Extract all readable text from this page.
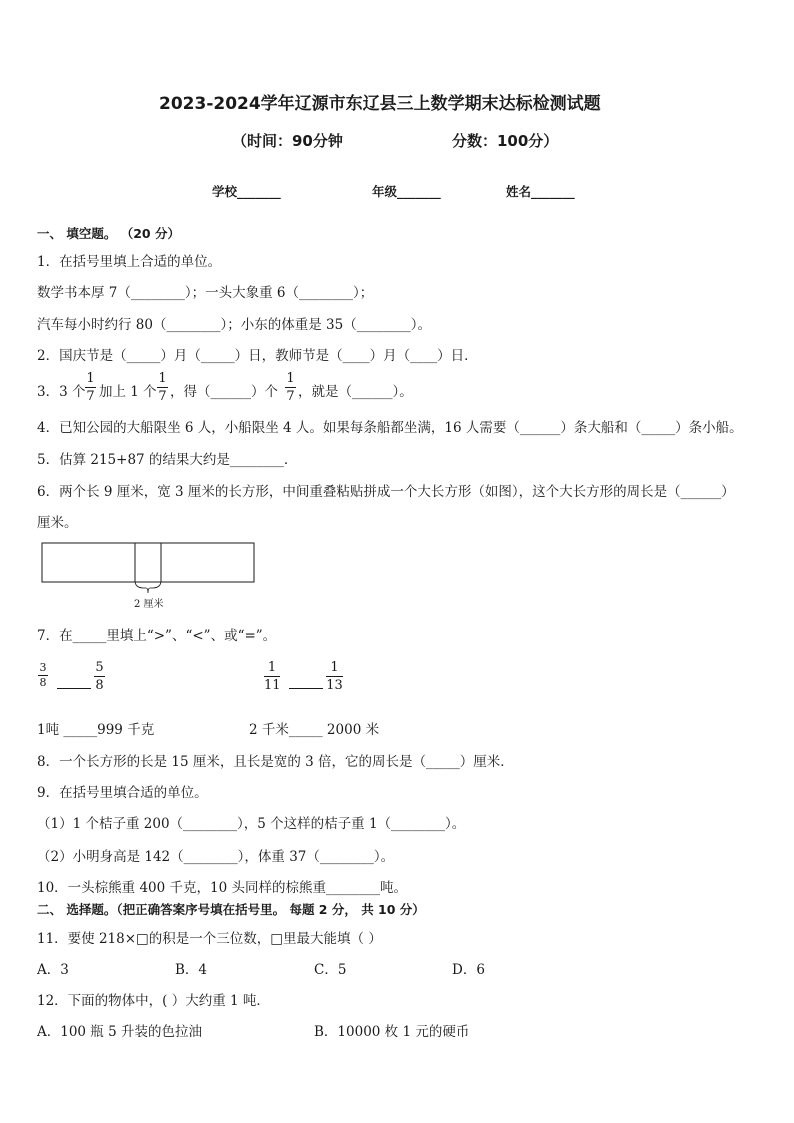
2023-2024学年辽源市东辽县三上数学期末达标检测试题
（时间：90分钟	分数：100分）
学校_______	年级_______	姓名_______
一、 填空题。 （20 分）
1．在括号里填上合适的单位。
数学书本厚 7（________）；一头大象重 6（________）；
汽车每小时约行 80（________）；小东的体重是 35（________）。
2．国庆节是（_____）月（_____）日，教师节是（____）月（____）日．
3．3 个
1
7 加上 1 个
1
7 ，得（______）个
1
7 ，就是（______）。
4．已知公园的大船限坐 6 人，小船限坐 4 人。如果每条船都坐满，16 人需要（______）条大船和（_____）条小船。
5．估算 215+87 的结果大约是________．
6．两个长 9 厘米，宽 3 厘米的长方形，中间重叠粘贴拼成一个大长方形（如图），这个大长方形的周长是（______）
厘米。
2 厘米
7．在_____里填上“>”、“<”、或“=”。
3
8
5
8
1
11
1
13
1吨 _____999 千克	2 千米_____ 2000 米
8．一个长方形的长是 15 厘米，且长是宽的 3 倍，它的周长是（_____）厘米．
9．在括号里填合适的单位。
（1）1 个桔子重 200（________），5 个这样的桔子重 1（________）。
（2）小明身高是 142（________），体重 37（________）。
10．一头棕熊重 400 千克，10 头同样的棕熊重________吨。
二、 选择题。（把正确答案序号填在括号里。 每题 2 分， 共 10 分）
11．要使 218×□的积是一个三位数，□里最大能填（ ）
A．3	B．4	C．5	D．6
12．下面的物体中，( ）大约重 1 吨．
A．100 瓶 5 升装的色拉油	B．10000 枚 1 元的硬币
